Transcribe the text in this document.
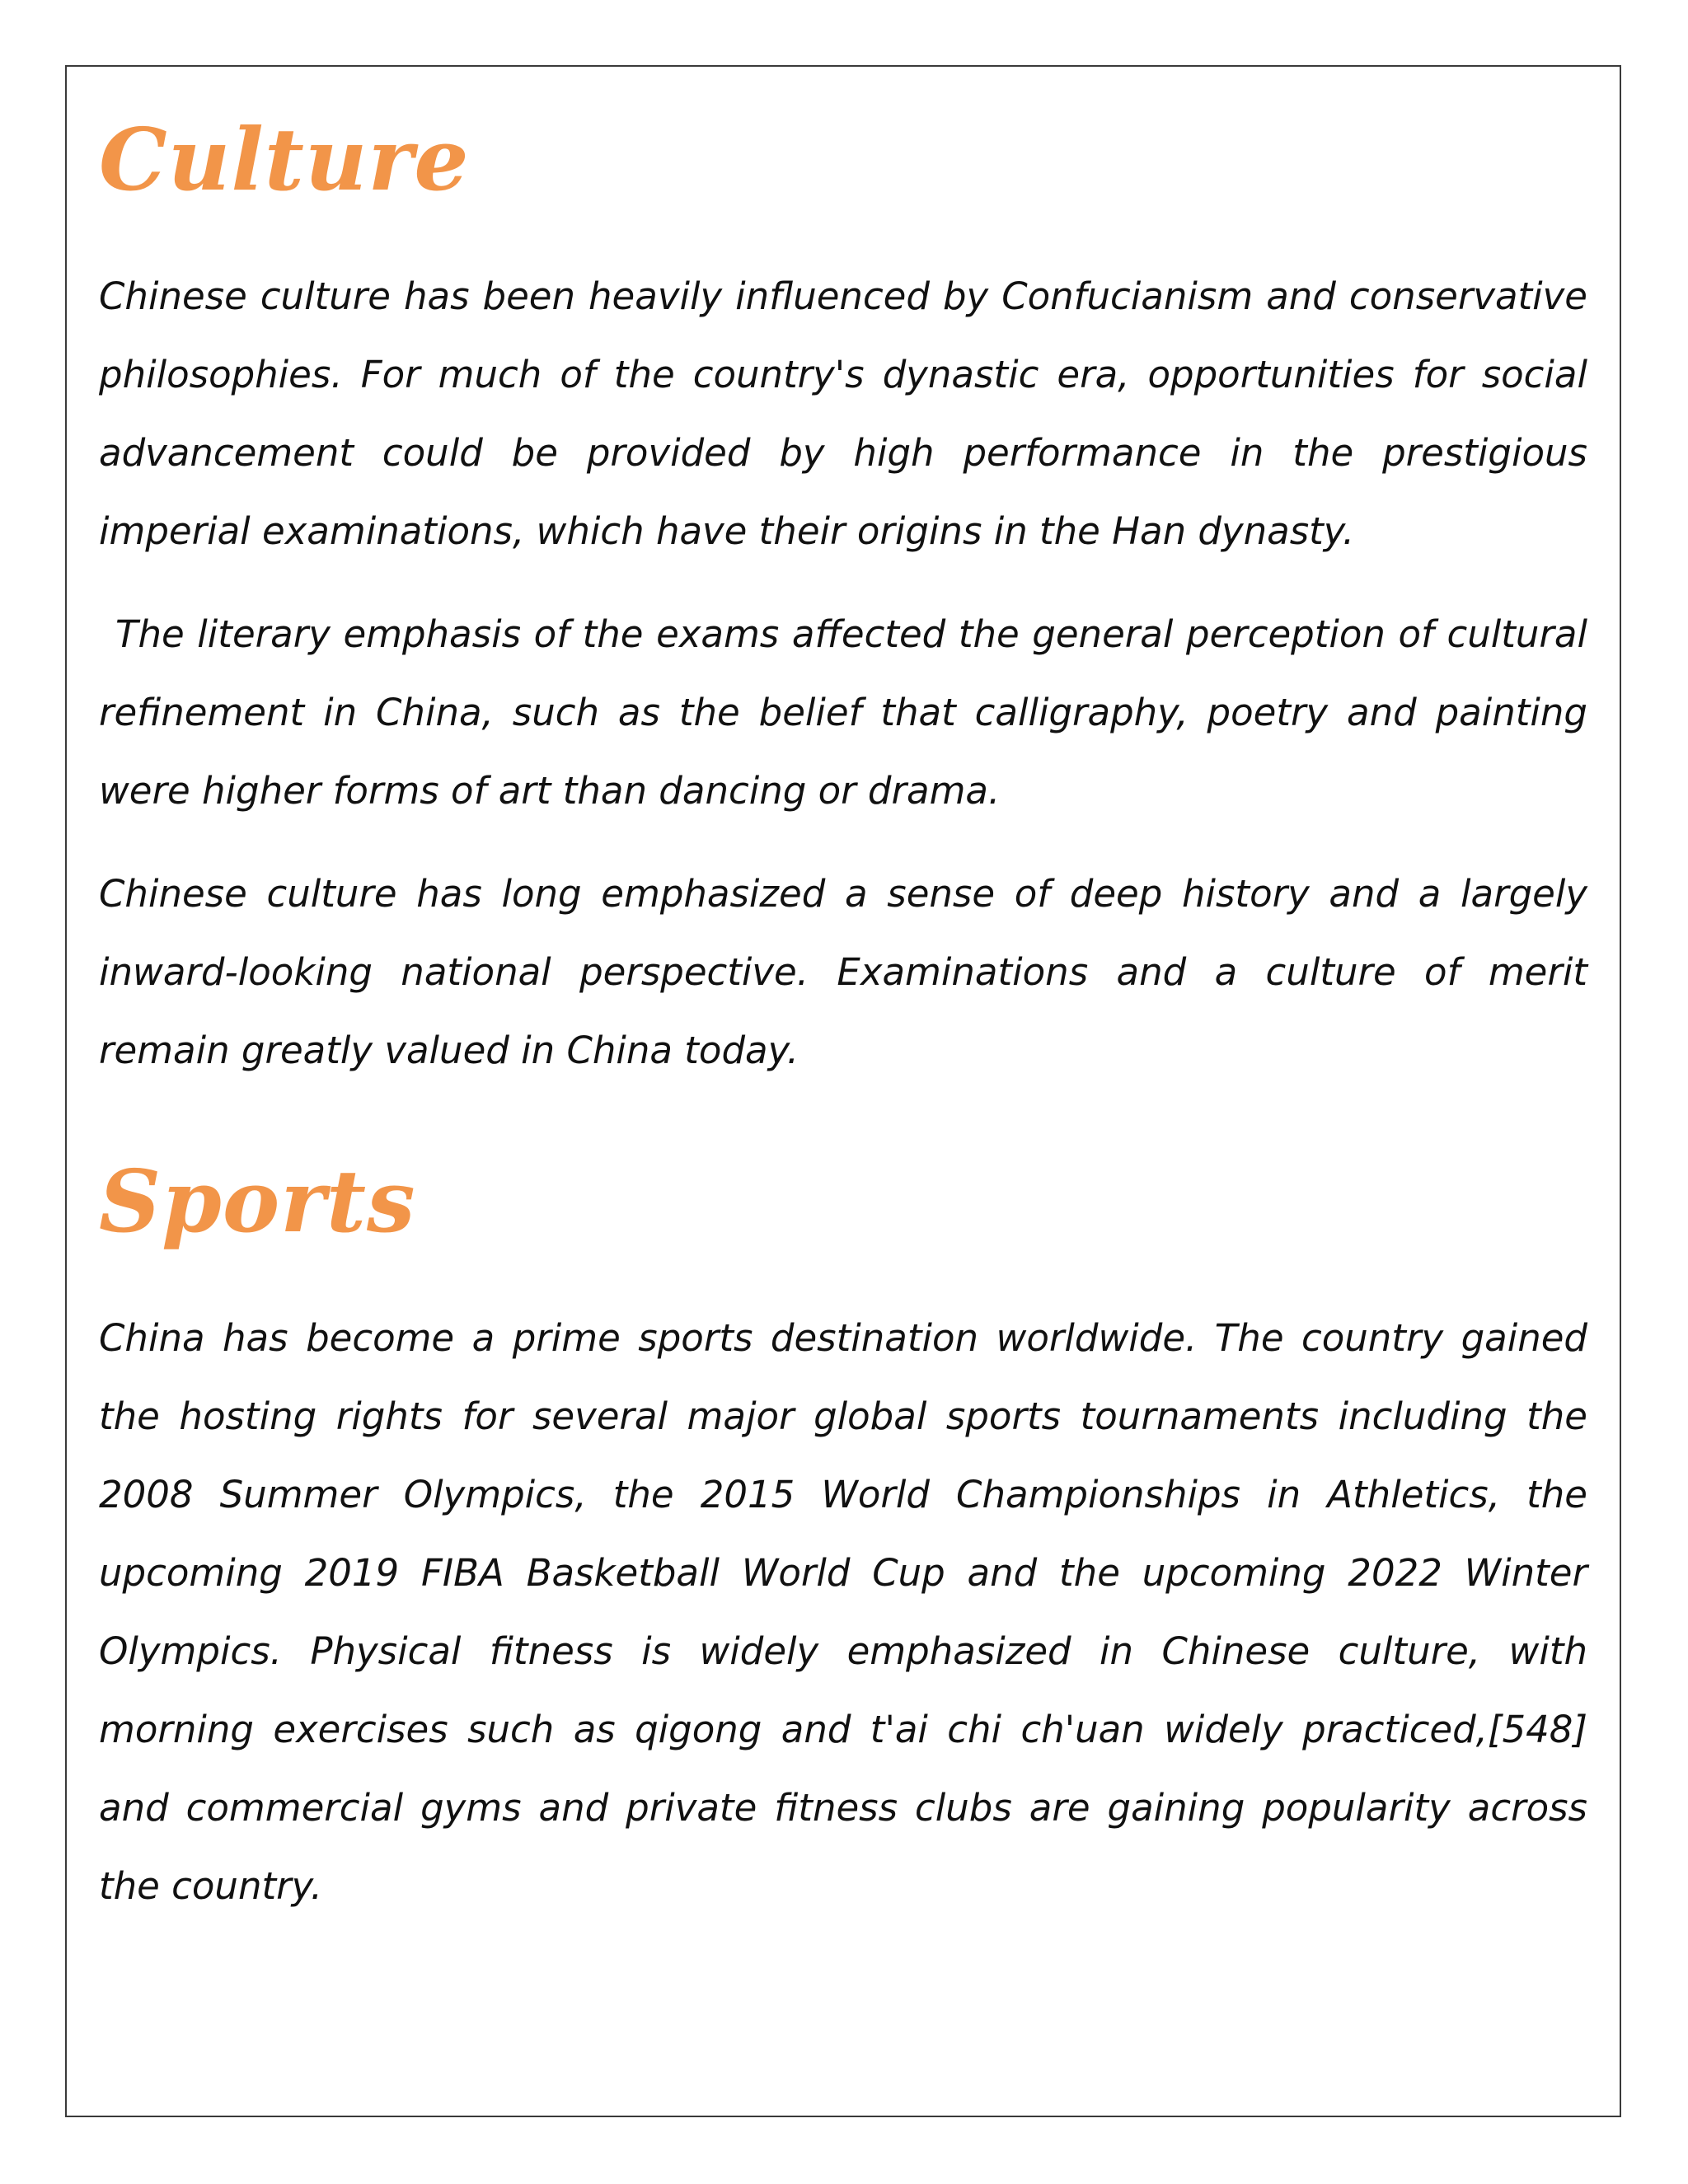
Culture

Chinese culture has been heavily influenced by Confucianism and conservative philosophies. For much of the country's dynastic era, opportunities for social advancement could be provided by high performance in the prestigious imperial examinations, which have their origins in the Han dynasty.

The literary emphasis of the exams affected the general perception of cultural refinement in China, such as the belief that calligraphy, poetry and painting were higher forms of art than dancing or drama.

Chinese culture has long emphasized a sense of deep history and a largely inward-looking national perspective. Examinations and a culture of merit remain greatly valued in China today.

Sports

China has become a prime sports destination worldwide. The country gained the hosting rights for several major global sports tournaments including the 2008 Summer Olympics, the 2015 World Championships in Athletics, the upcoming 2019 FIBA Basketball World Cup and the upcoming 2022 Winter Olympics. Physical fitness is widely emphasized in Chinese culture, with morning exercises such as qigong and t'ai chi ch'uan widely practiced,[548] and commercial gyms and private fitness clubs are gaining popularity across the country.
